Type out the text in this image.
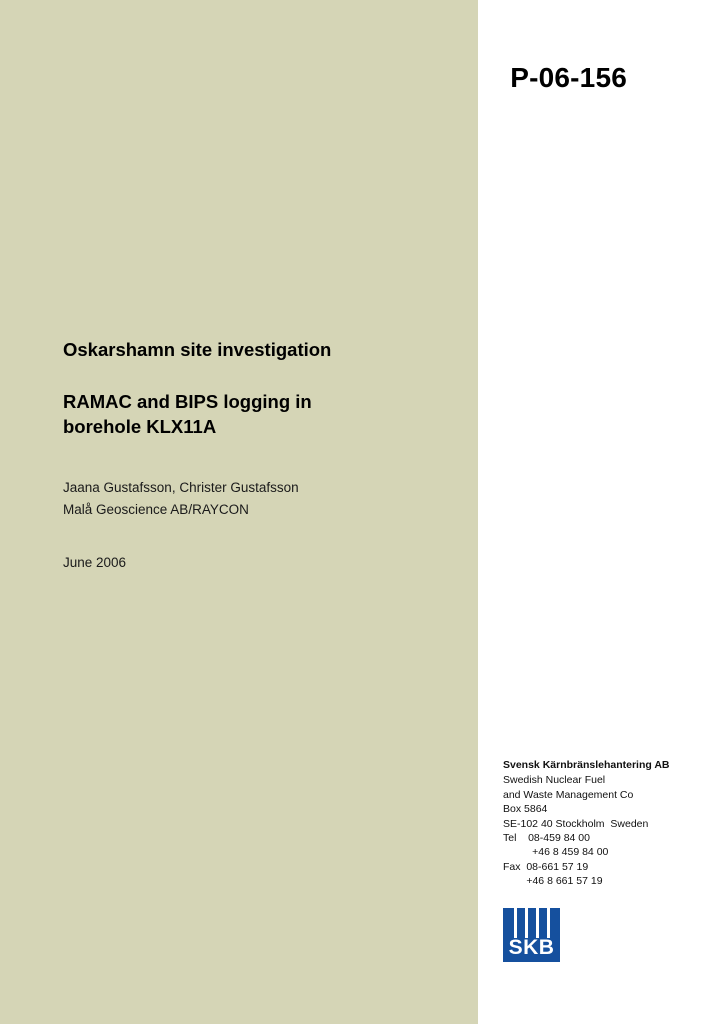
P-06-156
Oskarshamn site investigation
RAMAC and BIPS logging in borehole KLX11A
Jaana Gustafsson, Christer Gustafsson
Malå Geoscience AB/RAYCON
June 2006
Svensk Kärnbränslehantering AB
Swedish Nuclear Fuel
and Waste Management Co
Box 5864
SE-102 40 Stockholm  Sweden
Tel    08-459 84 00
+46 8 459 84 00
Fax  08-661 57 19
+46 8 661 57 19
SKB
